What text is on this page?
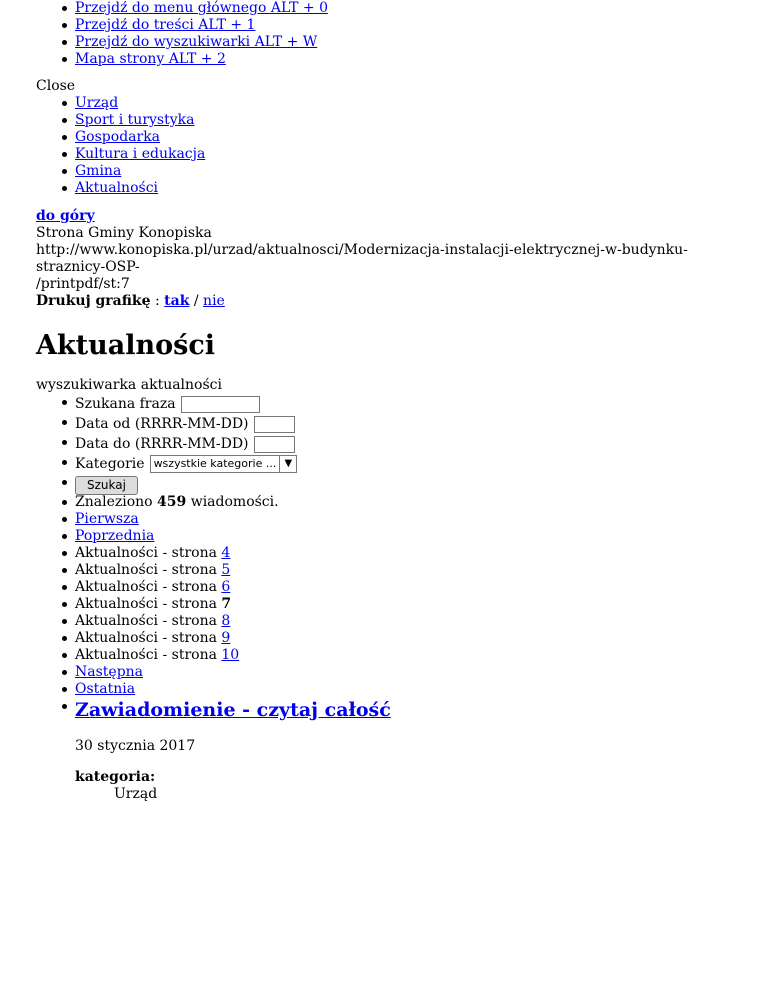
Przejdź do menu głównego ALT + 0
Przejdź do treści ALT + 1
Przejdź do wyszukiwarki ALT + W
Mapa strony ALT + 2
Close
Urząd
Sport i turystyka
Gospodarka
Kultura i edukacja
Gmina
Aktualności
do góry
Strona Gminy Konopiska
http://www.konopiska.pl/urzad/aktualnosci/Modernizacja-instalacji-elektrycznej-w-budynku-straznicy-OSP-
/printpdf/st:7
Drukuj grafikę : tak / nie
Aktualności
wyszukiwarka aktualności
Szukana fraza
Data od (RRRR-MM-DD)
Data do (RRRR-MM-DD)
Kategorie wszystkie kategorie ... ▼
Szukaj
Znaleziono 459 wiadomości.
Pierwsza
Poprzednia
Aktualności - strona 4
Aktualności - strona 5
Aktualności - strona 6
Aktualności - strona 7
Aktualności - strona 8
Aktualności - strona 9
Aktualności - strona 10
Następna
Ostatnia
Zawiadomienie - czytaj całość
30 stycznia 2017
kategoria:
Urząd
